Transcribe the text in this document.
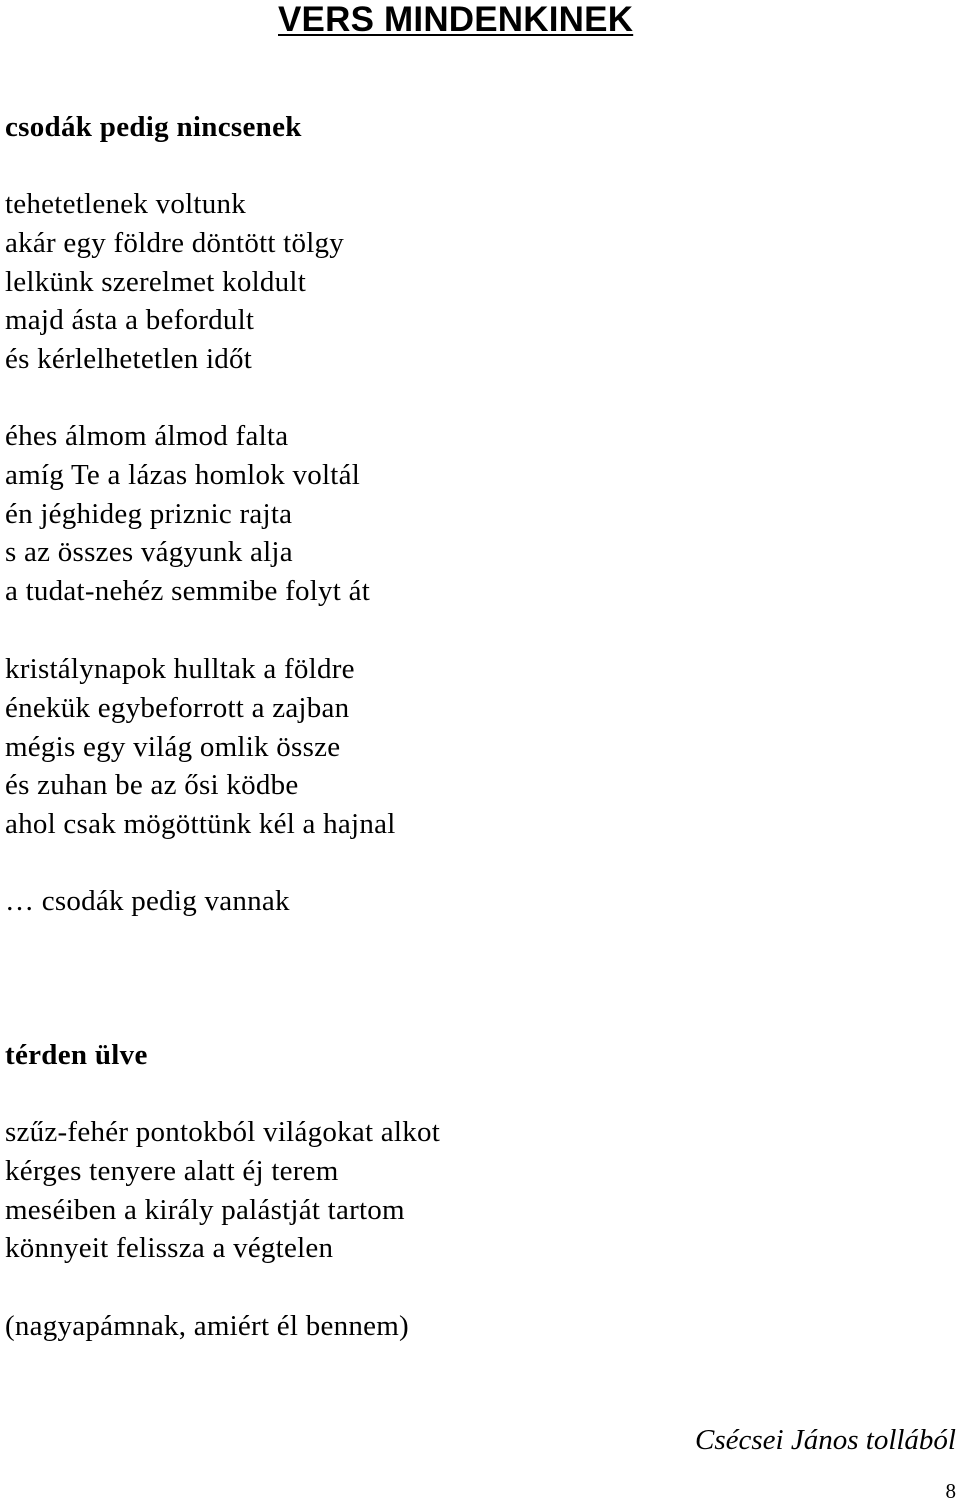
VERS MINDENKINEK
csodák pedig nincsenek
tehetetlenek voltunk
akár egy földre döntött tölgy
lelkünk szerelmet koldult
majd ásta a befordult
és kérlelhetetlen időt
éhes álmom álmod falta
amíg Te a lázas homlok voltál
én jéghideg priznic rajta
s az összes vágyunk alja
a tudat-nehéz semmibe folyt át
kristálynapok hulltak a földre
énekük egybeforrott a zajban
mégis egy világ omlik össze
és zuhan be az ősi ködbe
ahol csak mögöttünk kél a hajnal
… csodák pedig vannak
térden ülve
szűz-fehér pontokból világokat alkot
kérges tenyere alatt éj terem
meséiben a király palástját tartom
könnyeit felissza a végtelen
(nagyapámnak, amiért él bennem)

Csécsei János tollából

8
